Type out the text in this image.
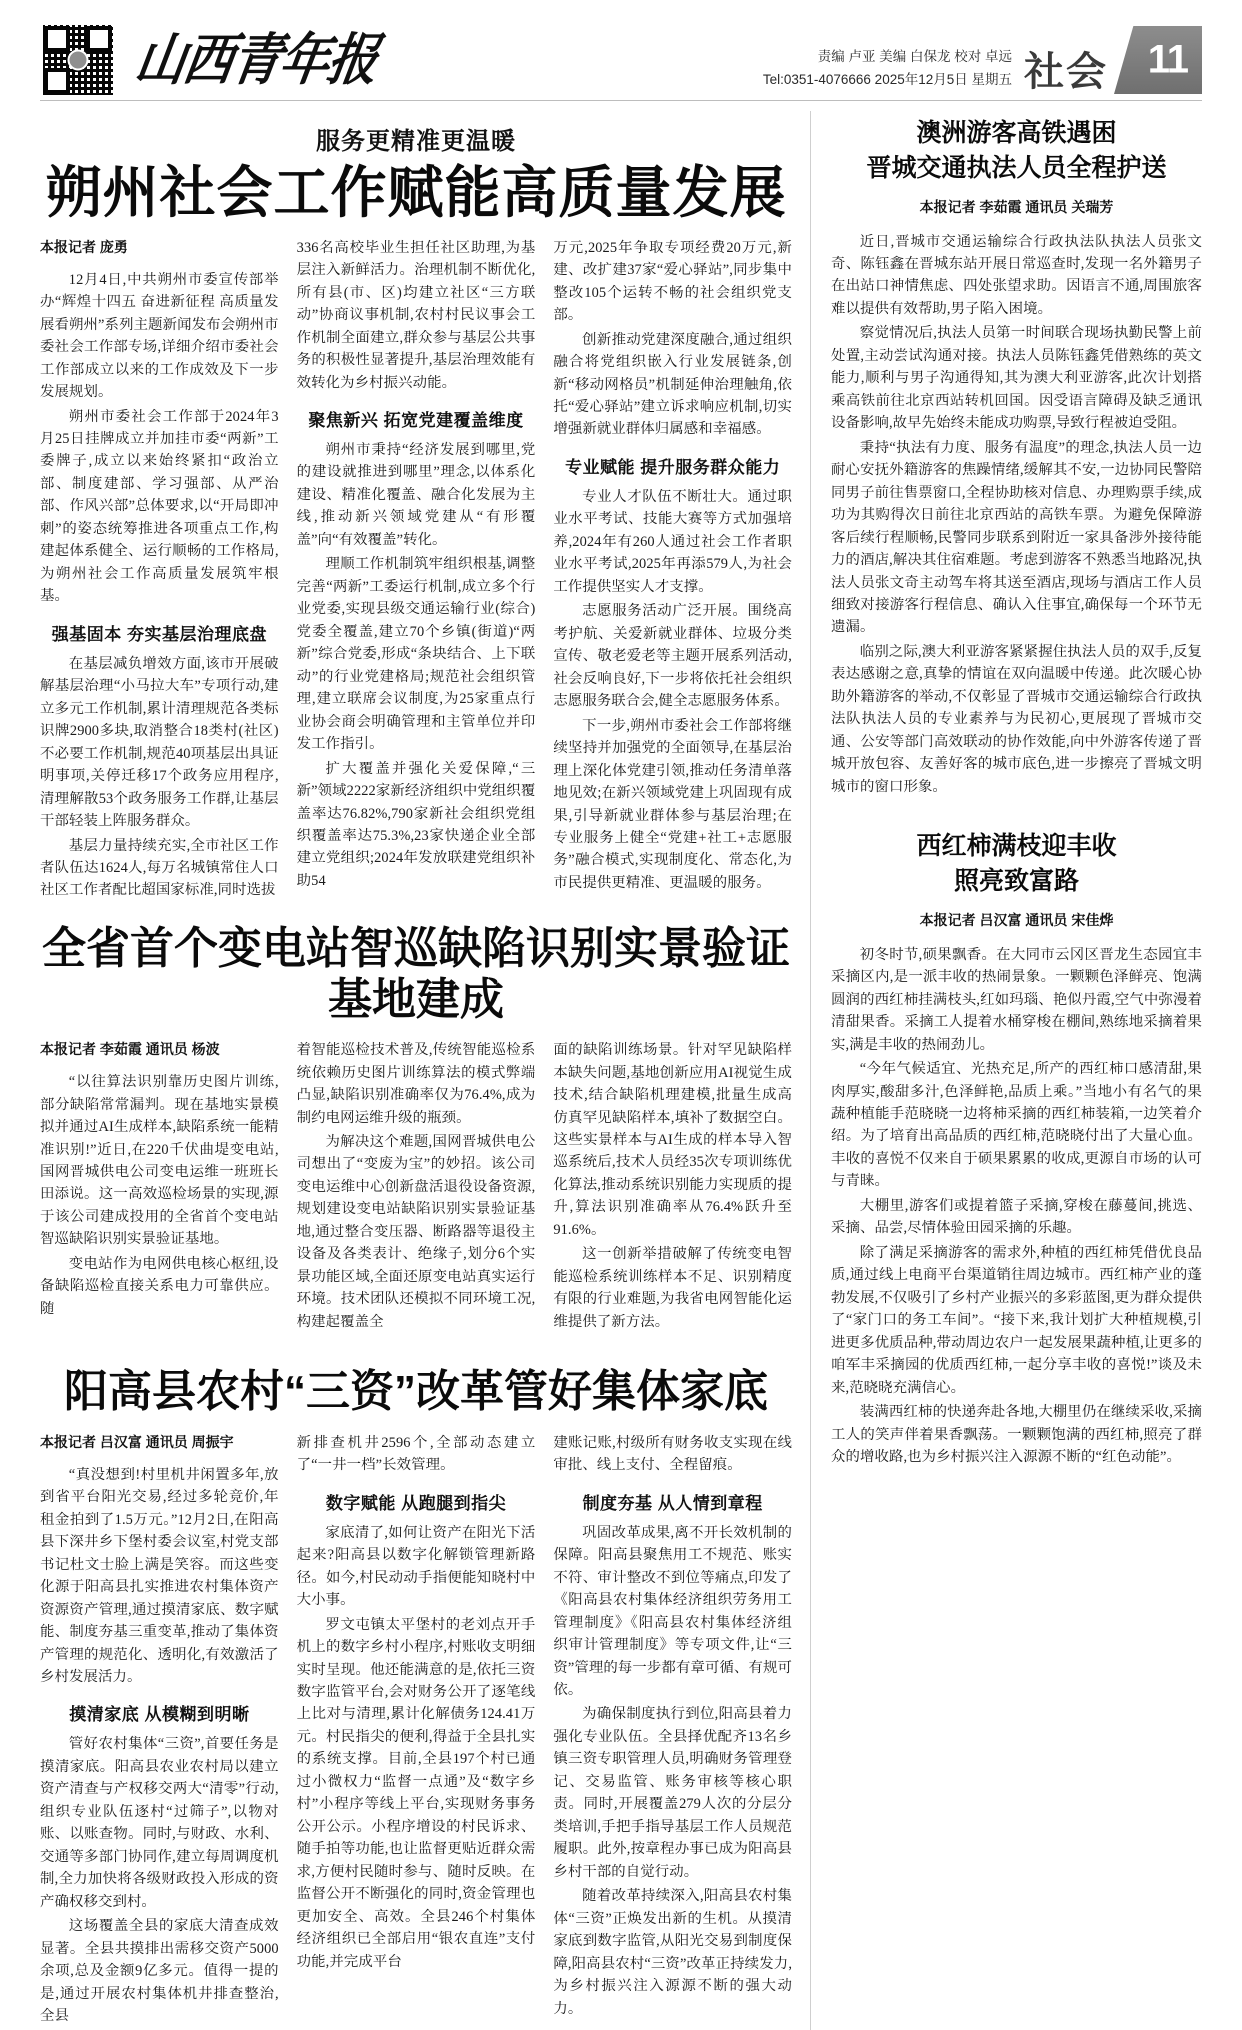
山西青年报	责编 卢亚 美编 白保龙 校对 卓远
Tel:0351-4076666 2025年12月5日 星期五 社会 11
服务更精准更温暖
朔州社会工作赋能高质量发展
本报记者 庞勇

12月4日,中共朔州市委宣传部举办“辉煌十四五 奋进新征程 高质量发展看朔州”系列主题新闻发布会朔州市委社会工作部专场,详细介绍市委社会工作部成立以来的工作成效及下一步发展规划。

朔州市委社会工作部于2024年3月25日挂牌成立并加挂市委“两新”工委牌子,成立以来始终紧扣“政治立部、制度建部、学习强部、从严治部、作风兴部”总体要求,以“开局即冲刺”的姿态统筹推进各项重点工作,构建起体系健全、运行顺畅的工作格局,为朔州社会工作高质量发展筑牢根基。

强基固本 夯实基层治理底盘

在基层减负增效方面,该市开展破解基层治理“小马拉大车”专项行动,建立多元工作机制,累计清理规范各类标识牌2900多块,取消整合18类村(社区)不必要工作机制,规范40项基层出具证明事项,关停迁移17个政务应用程序,清理解散53个政务服务工作群,让基层干部轻装上阵服务群众。

基层力量持续充实,全市社区工作者队伍达1624人,每万名城镇常住人口社区工作者配比超国家标准,同时选拔

336名高校毕业生担任社区助理,为基层注入新鲜活力。治理机制不断优化,所有县(市、区)均建立社区“三方联动”协商议事机制,农村村民议事会工作机制全面建立,群众参与基层公共事务的积极性显著提升,基层治理效能有效转化为乡村振兴动能。

聚焦新兴 拓宽党建覆盖维度

朔州市秉持“经济发展到哪里,党的建设就推进到哪里”理念,以体系化建设、精准化覆盖、融合化发展为主线,推动新兴领域党建从“有形覆盖”向“有效覆盖”转化。

理顺工作机制筑牢组织根基,调整完善“两新”工委运行机制,成立多个行业党委,实现县级交通运输行业(综合)党委全覆盖,建立70个乡镇(街道)“两新”综合党委,形成“条块结合、上下联动”的行业党建格局;规范社会组织管理,建立联席会议制度,为25家重点行业协会商会明确管理和主管单位并印发工作指引。

扩大覆盖并强化关爱保障,“三新”领域2222家新经济组织中党组织覆盖率达76.82%,790家新社会组织党组织覆盖率达75.3%,23家快递企业全部建立党组织;2024年发放联建党组织补助54

万元,2025年争取专项经费20万元,新建、改扩建37家“爱心驿站”,同步集中整改105个运转不畅的社会组织党支部。

创新推动党建深度融合,通过组织融合将党组织嵌入行业发展链条,创新“移动网格员”机制延伸治理触角,依托“爱心驿站”建立诉求响应机制,切实增强新就业群体归属感和幸福感。

专业赋能 提升服务群众能力

专业人才队伍不断壮大。通过职业水平考试、技能大赛等方式加强培养,2024年有260人通过社会工作者职业水平考试,2025年再添579人,为社会工作提供坚实人才支撑。

志愿服务活动广泛开展。围绕高考护航、关爱新就业群体、垃圾分类宣传、敬老爱老等主题开展系列活动,社会反响良好,下一步将依托社会组织志愿服务联合会,健全志愿服务体系。

下一步,朔州市委社会工作部将继续坚持并加强党的全面领导,在基层治理上深化体党建引领,推动任务清单落地见效;在新兴领域党建上巩固现有成果,引导新就业群体参与基层治理;在专业服务上健全“党建+社工+志愿服务”融合模式,实现制度化、常态化,为市民提供更精准、更温暖的服务。

全省首个变电站智巡缺陷识别实景验证基地建成
本报记者 李茹霞 通讯员 杨波

“以往算法识别靠历史图片训练,部分缺陷常常漏判。现在基地实景模拟并通过AI生成样本,缺陷系统一能精准识别!”近日,在220千伏曲堤变电站,国网晋城供电公司变电运维一班班长田添说。这一高效巡检场景的实现,源于该公司建成投用的全省首个变电站智巡缺陷识别实景验证基地。

变电站作为电网供电核心枢纽,设备缺陷巡检直接关系电力可靠供应。随

着智能巡检技术普及,传统智能巡检系统依赖历史图片训练算法的模式弊端凸显,缺陷识别准确率仅为76.4%,成为制约电网运维升级的瓶颈。

为解决这个难题,国网晋城供电公司想出了“变废为宝”的妙招。该公司变电运维中心创新盘活退役设备资源,规划建设变电站缺陷识别实景验证基地,通过整合变压器、断路器等退役主设备及各类表计、绝缘子,划分6个实景功能区域,全面还原变电站真实运行环境。技术团队还模拟不同环境工况,构建起覆盖全

面的缺陷训练场景。针对罕见缺陷样本缺失问题,基地创新应用AI视觉生成技术,结合缺陷机理建模,批量生成高仿真罕见缺陷样本,填补了数据空白。这些实景样本与AI生成的样本导入智巡系统后,技术人员经35次专项训练优化算法,推动系统识别能力实现质的提升,算法识别准确率从76.4%跃升至91.6%。

这一创新举措破解了传统变电智能巡检系统训练样本不足、识别精度有限的行业难题,为我省电网智能化运维提供了新方法。

阳高县农村“三资”改革管好集体家底
本报记者 吕汉富 通讯员 周振宇

“真没想到!村里机井闲置多年,放到省平台阳光交易,经过多轮竞价,年租金拍到了1.5万元。”12月2日,在阳高县下深井乡下堡村委会议室,村党支部书记杜文士脸上满是笑容。而这些变化源于阳高县扎实推进农村集体资产资源资产管理,通过摸清家底、数字赋能、制度夯基三重变革,推动了集体资产管理的规范化、透明化,有效激活了乡村发展活力。

摸清家底 从模糊到明晰

管好农村集体“三资”,首要任务是摸清家底。阳高县农业农村局以建立资产清查与产权移交两大“清零”行动,组织专业队伍逐村“过筛子”,以物对账、以账查物。同时,与财政、水利、交通等多部门协同作,建立每周调度机制,全力加快将各级财政投入形成的资产确权移交到村。

这场覆盖全县的家底大清查成效显著。全县共摸排出需移交资产5000余项,总及金额9亿多元。值得一提的是,通过开展农村集体机井排查整治,全县

新排查机井2596个,全部动态建立了“一井一档”长效管理。

数字赋能 从跑腿到指尖

家底清了,如何让资产在阳光下活起来?阳高县以数字化解锁管理新路径。如今,村民动动手指便能知晓村中大小事。

罗文屯镇太平堡村的老刘点开手机上的数字乡村小程序,村账收支明细实时呈现。他还能满意的是,依托三资数字监管平台,会对财务公开了逐笔线上比对与清理,累计化解债务124.41万元。村民指尖的便利,得益于全县扎实的系统支撑。目前,全县197个村已通过小微权力“监督一点通”及“数字乡村”小程序等线上平台,实现财务事务公开公示。小程序增设的村民诉求、随手拍等功能,也让监督更贴近群众需求,方便村民随时参与、随时反映。在监督公开不断强化的同时,资金管理也更加安全、高效。全县246个村集体经济组织已全部启用“银农直连”支付功能,并完成平台

建账记账,村级所有财务收支实现在线审批、线上支付、全程留痕。

制度夯基 从人情到章程

巩固改革成果,离不开长效机制的保障。阳高县聚焦用工不规范、账实不符、审计整改不到位等痛点,印发了《阳高县农村集体经济组织劳务用工管理制度》《阳高县农村集体经济组织审计管理制度》等专项文件,让“三资”管理的每一步都有章可循、有规可依。

为确保制度执行到位,阳高县着力强化专业队伍。全县择优配齐13名乡镇三资专职管理人员,明确财务管理登记、交易监管、账务审核等核心职责。同时,开展覆盖279人次的分层分类培训,手把手指导基层工作人员规范履职。此外,按章程办事已成为阳高县乡村干部的自觉行动。

随着改革持续深入,阳高县农村集体“三资”正焕发出新的生机。从摸清家底到数字监管,从阳光交易到制度保障,阳高县农村“三资”改革正持续发力,为乡村振兴注入源源不断的强大动力。

澳洲游客高铁遇困
晋城交通执法人员全程护送
本报记者 李茹霞 通讯员 关瑞芳

近日,晋城市交通运输综合行政执法队执法人员张文奇、陈钰鑫在晋城东站开展日常巡查时,发现一名外籍男子在出站口神情焦虑、四处张望求助。因语言不通,周围旅客难以提供有效帮助,男子陷入困境。

察觉情况后,执法人员第一时间联合现场执勤民警上前处置,主动尝试沟通对接。执法人员陈钰鑫凭借熟练的英文能力,顺利与男子沟通得知,其为澳大利亚游客,此次计划搭乘高铁前往北京西站转机回国。因受语言障碍及缺乏通讯设备影响,故早先始终未能成功购票,导致行程被迫受阻。

秉持“执法有力度、服务有温度”的理念,执法人员一边耐心安抚外籍游客的焦躁情绪,缓解其不安,一边协同民警陪同男子前往售票窗口,全程协助核对信息、办理购票手续,成功为其购得次日前往北京西站的高铁车票。为避免保障游客后续行程顺畅,民警同步联系到附近一家具备涉外接待能力的酒店,解决其住宿难题。考虑到游客不熟悉当地路况,执法人员张文奇主动驾车将其送至酒店,现场与酒店工作人员细致对接游客行程信息、确认入住事宜,确保每一个环节无遗漏。

临别之际,澳大利亚游客紧紧握住执法人员的双手,反复表达感谢之意,真挚的情谊在双向温暖中传递。此次暖心协助外籍游客的举动,不仅彰显了晋城市交通运输综合行政执法队执法人员的专业素养与为民初心,更展现了晋城市交通、公安等部门高效联动的协作效能,向中外游客传递了晋城开放包容、友善好客的城市底色,进一步擦亮了晋城文明城市的窗口形象。

西红柿满枝迎丰收
照亮致富路
本报记者 吕汉富 通讯员 宋佳烨

初冬时节,硕果飘香。在大同市云冈区晋龙生态园宜丰采摘区内,是一派丰收的热闹景象。一颗颗色泽鲜亮、饱满圆润的西红柿挂满枝头,红如玛瑙、艳似丹霞,空气中弥漫着清甜果香。采摘工人提着水桶穿梭在棚间,熟练地采摘着果实,满是丰收的热闹劲儿。

“今年气候适宜、光热充足,所产的西红柿口感清甜,果肉厚实,酸甜多汁,色泽鲜艳,品质上乘。”当地小有名气的果蔬种植能手范晓晓一边将柿采摘的西红柿装箱,一边笑着介绍。为了培育出高品质的西红柿,范晓晓付出了大量心血。丰收的喜悦不仅来自于硕果累累的收成,更源自市场的认可与青睐。

大棚里,游客们或提着篮子采摘,穿梭在藤蔓间,挑选、采摘、品尝,尽情体验田园采摘的乐趣。

除了满足采摘游客的需求外,种植的西红柿凭借优良品质,通过线上电商平台渠道销往周边城市。西红柿产业的蓬勃发展,不仅吸引了乡村产业振兴的多彩蓝图,更为群众提供了“家门口的务工车间”。“接下来,我计划扩大种植规模,引进更多优质品种,带动周边农户一起发展果蔬种植,让更多的咱军丰采摘园的优质西红柿,一起分享丰收的喜悦!”谈及未来,范晓晓充满信心。

装满西红柿的快递奔赴各地,大棚里仍在继续采收,采摘工人的笑声伴着果香飘荡。一颗颗饱满的西红柿,照亮了群众的增收路,也为乡村振兴注入源源不断的“红色动能”。
